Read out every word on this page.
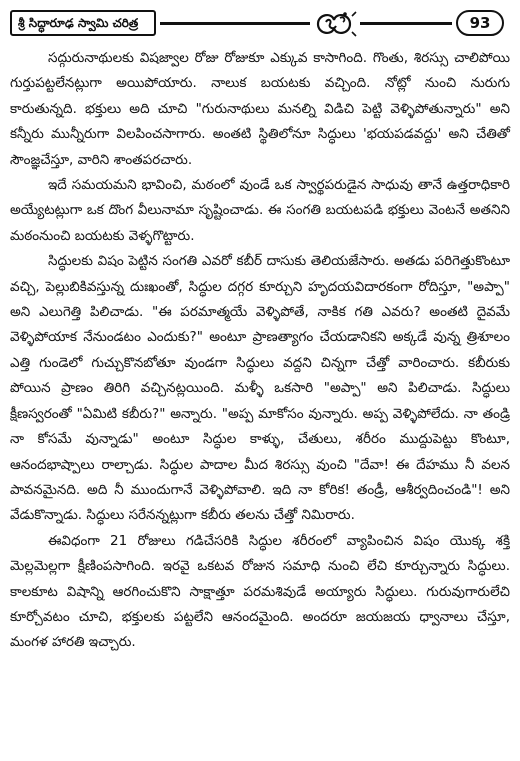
శ్రీ సిద్ధారూఢ స్వామి చరిత్ర	93

సద్గురునాథులకు విషజ్వాల రోజు రోజుకూ ఎక్కువ కాసాగింది. గొంతు, శిరస్సు చాలిపోయి గుర్తుపట్టలేనట్లుగా అయిపోయారు. నాలుక బయటకు వచ్చింది. నోట్లో నుంచి నురుగు కారుతున్నది. భక్తులు అది చూచి "గురునాథులు మనల్ని విడిచి పెట్టి వెళ్ళిపోతున్నారు" అని కన్నీరు మున్నీరుగా విలపించసాగారు. అంతటి స్థితిలోనూ సిద్ధులు 'భయపడవద్దు' అని చేతితో సౌంజ్ఞచేస్తూ, వారిని శాంతపరచారు.

ఇదే సమయమని భావించి, మఠంలో వుండే ఒక స్వార్థపరుడైన సాధువు తానే ఉత్తరాధికారి అయ్యేటట్లుగా ఒక దొంగ వీలునామా సృష్టించాడు. ఈ సంగతి బయటపడి భక్తులు వెంటనే అతనిని మఠంనుంచి బయటకు వెళ్ళగొట్టారు.

సిద్ధులకు విషం పెట్టిన సంగతి ఎవరో కబీర్ దాసుకు తెలియజేసారు. అతడు పరిగెత్తుకొంటూ వచ్చి, పెల్లుబికివస్తున్న దుఃఖంతో, సిద్ధుల దగ్గర కూర్చుని హృదయవిదారకంగా రోదిస్తూ, "అప్పా" అని ఎలుగెత్తి పిలిచాడు. "ఈ పరమాత్మయే వెళ్ళిపోతే, నాకిక గతి ఎవరు? అంతటి దైవమే వెళ్ళిపోయాక నేనుండటం ఎందుకు?" అంటూ ప్రాణత్యాగం చేయడానికని అక్కడే వున్న త్రిశూలం ఎత్తి గుండెలో గుచ్చుకొనబోతూ వుండగా సిద్ధులు వద్దని చిన్నగా చేత్తో వారించారు. కబీరుకు పోయిన ప్రాణం తిరిగి వచ్చినట్లయింది. మళ్ళీ ఒకసారి "అప్పా" అని పిలిచాడు. సిద్ధులు క్షీణస్వరంతో "ఏమిటి కబీరు?" అన్నారు. "అప్ప మాకోసం వున్నారు. అప్ప వెళ్ళిపోలేదు. నా తండ్రి నా కోసమే వున్నాడు" అంటూ సిద్ధుల కాళ్ళు, చేతులు, శరీరం ముద్దుపెట్టు కొంటూ, ఆనందభాష్పాలు రాల్చాడు. సిద్ధుల పాదాల మీద శిరస్సు వుంచి "దేవా! ఈ దేహము నీ వలన పావనమైనది. అది నీ ముందుగానే వెళ్ళిపోవాలి. ఇది నా కోరిక! తండ్రీ, ఆశీర్వదించండి"! అని వేడుకొన్నాడు. సిద్ధులు సరేనన్నట్లుగా కబీరు తలను చేత్తో నిమిరారు.

ఈవిధంగా 21 రోజులు గడిచేసరికి సిద్ధుల శరీరంలో వ్యాపించిన విషం యొక్క శక్తి మెల్లమెల్లగా క్షీణింపసాగింది. ఇరవై ఒకటవ రోజున సమాధి నుంచి లేచి కూర్చున్నారు సిద్ధులు. కాలకూట విషాన్ని ఆరగించుకొని సాక్షాత్తూ పరమశివుడే అయ్యారు సిద్ధులు. గురువుగారులేచి కూర్చోవటం చూచి, భక్తులకు పట్టలేని ఆనందమైంది. అందరూ జయజయ ధ్వానాలు చేస్తూ, మంగళ హారతి ఇచ్చారు.
